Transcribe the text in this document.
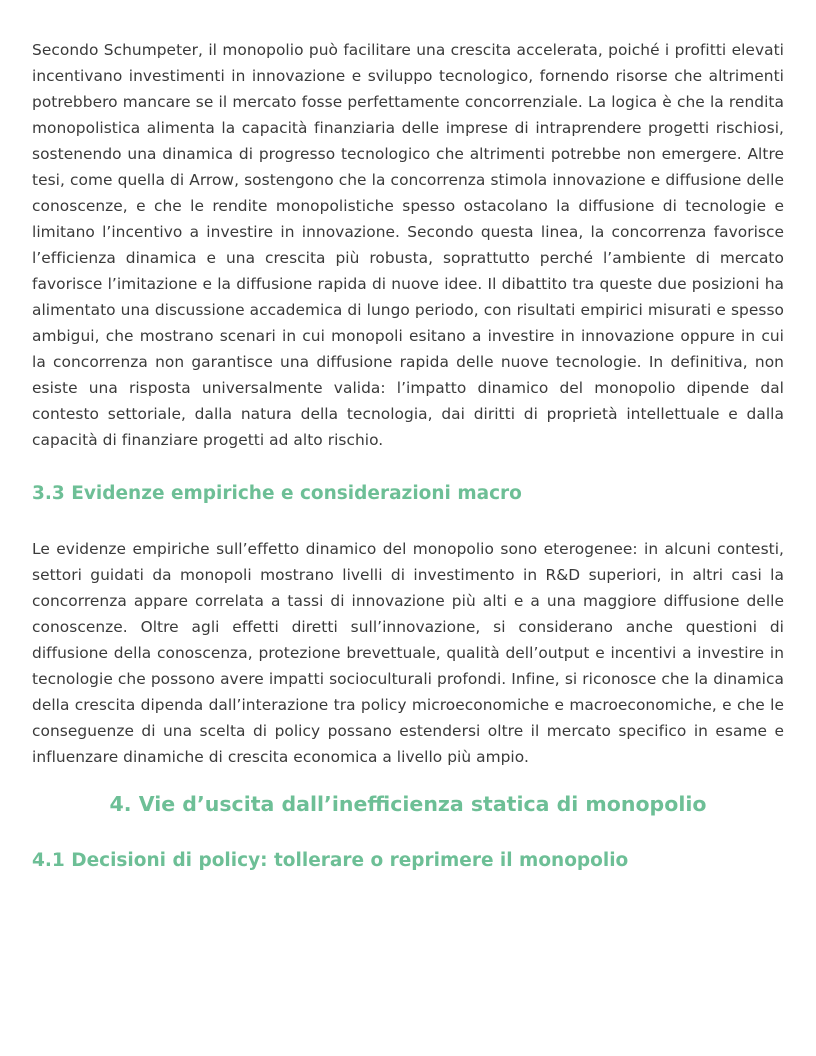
Secondo Schumpeter, il monopolio può facilitare una crescita accelerata, poiché i profitti elevati incentivano investimenti in innovazione e sviluppo tecnologico, fornendo risorse che altrimenti potrebbero mancare se il mercato fosse perfettamente concorrenziale. La logica è che la rendita monopolistica alimenta la capacità finanziaria delle imprese di intraprendere progetti rischiosi, sostenendo una dinamica di progresso tecnologico che altrimenti potrebbe non emergere. Altre tesi, come quella di Arrow, sostengono che la concorrenza stimola innovazione e diffusione delle conoscenze, e che le rendite monopolistiche spesso ostacolano la diffusione di tecnologie e limitano l’incentivo a investire in innovazione. Secondo questa linea, la concorrenza favorisce l’efficienza dinamica e una crescita più robusta, soprattutto perché l’ambiente di mercato favorisce l’imitazione e la diffusione rapida di nuove idee. Il dibattito tra queste due posizioni ha alimentato una discussione accademica di lungo periodo, con risultati empirici misurati e spesso ambigui, che mostrano scenari in cui monopoli esitano a investire in innovazione oppure in cui la concorrenza non garantisce una diffusione rapida delle nuove tecnologie. In definitiva, non esiste una risposta universalmente valida: l’impatto dinamico del monopolio dipende dal contesto settoriale, dalla natura della tecnologia, dai diritti di proprietà intellettuale e dalla capacità di finanziare progetti ad alto rischio.

3.3 Evidenze empiriche e considerazioni macro

Le evidenze empiriche sull’effetto dinamico del monopolio sono eterogenee: in alcuni contesti, settori guidati da monopoli mostrano livelli di investimento in R&D superiori, in altri casi la concorrenza appare correlata a tassi di innovazione più alti e a una maggiore diffusione delle conoscenze. Oltre agli effetti diretti sull’innovazione, si considerano anche questioni di diffusione della conoscenza, protezione brevettuale, qualità dell’output e incentivi a investire in tecnologie che possono avere impatti socioculturali profondi. Infine, si riconosce che la dinamica della crescita dipenda dall’interazione tra policy microeconomiche e macroeconomiche, e che le conseguenze di una scelta di policy possano estendersi oltre il mercato specifico in esame e influenzare dinamiche di crescita economica a livello più ampio.

4. Vie d’uscita dall’inefficienza statica di monopolio
4.1 Decisioni di policy: tollerare o reprimere il monopolio
